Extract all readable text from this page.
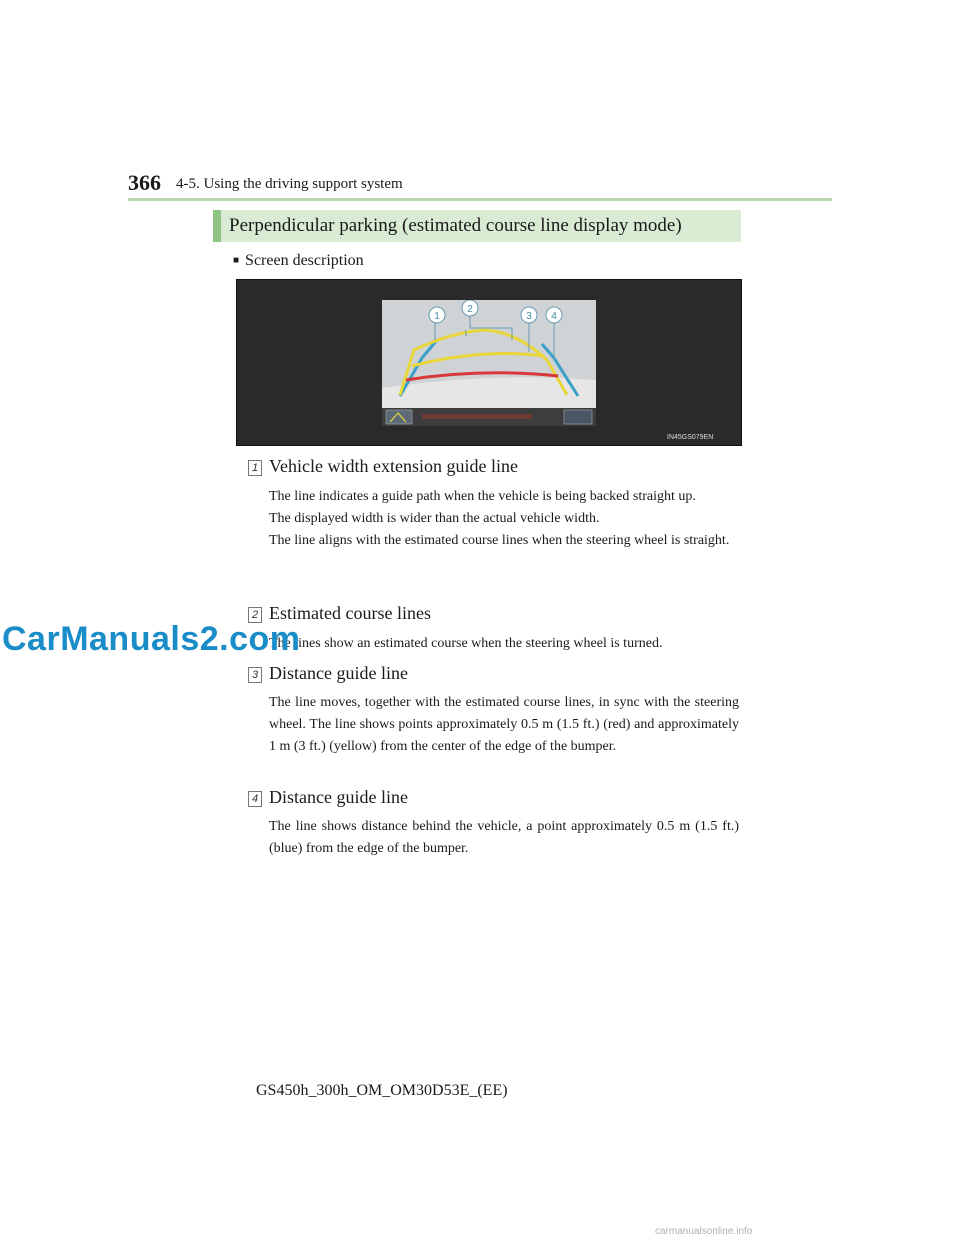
366 4-5. Using the driving support system
Perpendicular parking (estimated course line display mode)
■ Screen description
1
2
3 4
IN45GS079EN
1 Vehicle width extension guide line

The line indicates a guide path when the vehicle is being backed straight up.

The displayed width is wider than the actual vehicle width.

The line aligns with the estimated course lines when the steering wheel is straight.

2 Estimated course lines

The lines show an estimated course when the steering wheel is turned.

3 Distance guide line

The line moves, together with the estimated course lines, in sync with the steering wheel. The line shows points approximately 0.5 m (1.5 ft.) (red) and approximately 1 m (3 ft.) (yellow) from the center of the edge of the bumper.

4 Distance guide line

The line shows distance behind the vehicle, a point approximately 0.5 m (1.5 ft.) (blue) from the edge of the bumper.

CarManuals2.com
GS450h_300h_OM_OM30D53E_(EE)
carmanualsonline.info
